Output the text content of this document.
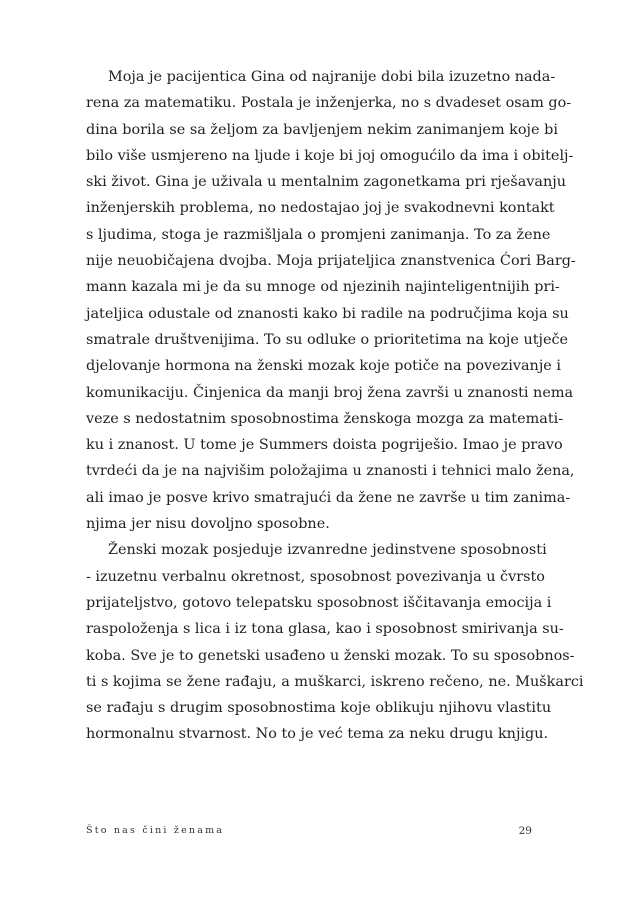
Moja je pacijentica Gina od najranije dobi bila izuzetno nada-
rena za matematiku. Postala je inženjerka, no s dvadeset osam go-
dina borila se sa željom za bavljenjem nekim zanimanjem koje bi
bilo više usmjereno na ljude i koje bi joj omogućilo da ima i obitelj-
ski život. Gina je uživala u mentalnim zagonetkama pri rješavanju
inženjerskih problema, no nedostajao joj je svakodnevni kontakt
s ljudima, stoga je razmišljala o promjeni zanimanja. To za žene
nije neuobičajena dvojba. Moja prijateljica znanstvenica Ćori Barg-
mann kazala mi je da su mnoge od njezinih najinteligentnijih pri-
jateljica odustale od znanosti kako bi radile na područjima koja su
smatrale društvenijima. To su odluke o prioritetima na koje utječe
djelovanje hormona na ženski mozak koje potiče na povezivanje i
komunikaciju. Činjenica da manji broj žena završi u znanosti nema
veze s nedostatnim sposobnostima ženskoga mozga za matemati-
ku i znanost. U tome je Summers doista pogriješio. Imao je pravo
tvrdeći da je na najvišim položajima u znanosti i tehnici malo žena,
ali imao je posve krivo smatrajući da žene ne završe u tim zanima-
njima jer nisu dovoljno sposobne.
Ženski mozak posjeduje izvanredne jedinstvene sposobnosti
- izuzetnu verbalnu okretnost, sposobnost povezivanja u čvrsto
prijateljstvo, gotovo telepatsku sposobnost iščitavanja emocija i
raspoloženja s lica i iz tona glasa, kao i sposobnost smirivanja su-
koba. Sve je to genetski usađeno u ženski mozak. To su sposobnos-
ti s kojima se žene rađaju, a muškarci, iskreno rečeno, ne. Muškarci
se rađaju s drugim sposobnostima koje oblikuju njihovu vlastitu
hormonalnu stvarnost. No to je već tema za neku drugu knjigu.
Što nas čini ženama	29
